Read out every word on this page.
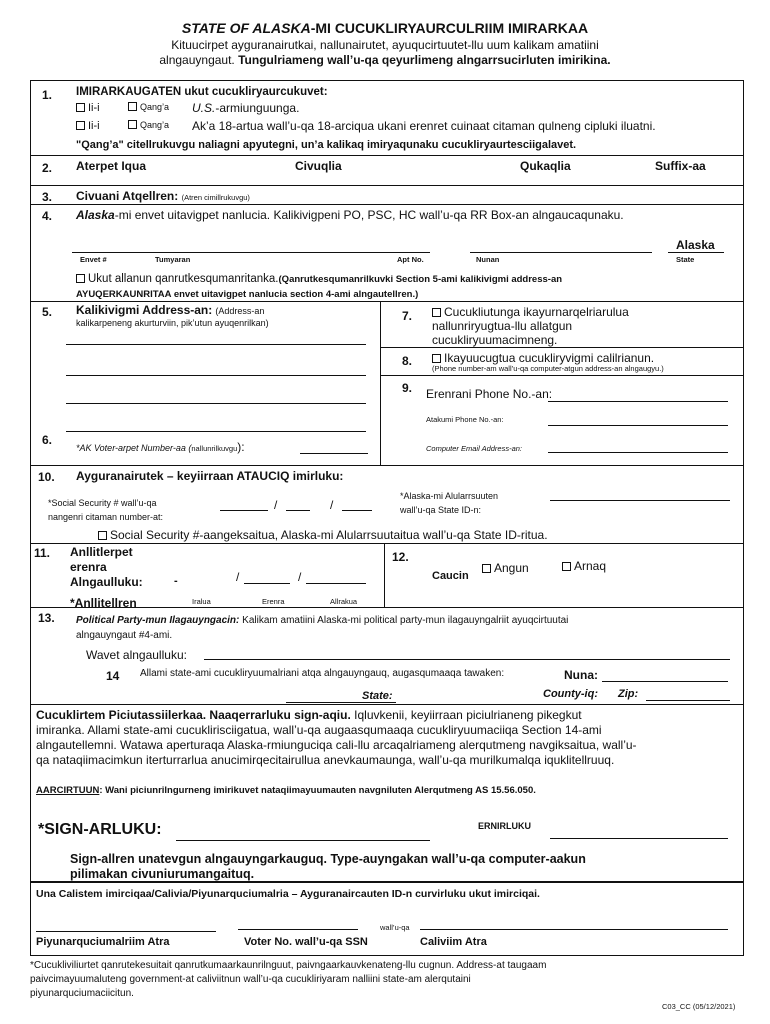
STATE OF ALASKA-MI CUCUKLIRYAURCULRIIM IMIRARKAA
Kituucirpet ayguranairutkai, nallunairutet, ayuqucirtuutet-llu uum kalikam amatiini
alngauyngaut. Tungulriameng wall’u-qa qeyurlimeng alngarrsucirluten imirikina.
1. IMIRARKAUGATEN ukut cucukliryaurcukuvet:
Ii-i	Qang’a U.S.-armiunguunga.
Ii-i	Qang’a Ak’a 18-artua wall’u-qa 18-arciqua ukani erenret cuinaat citaman qulneng cipluki iluatni.
"Qang’a" citellrukuvgu naliagni apyutegni, un’a kalikaq imiryaqunaku cucukliryaurtesciigalavet.
2. Aterpet Iqua	Civuqlia	Qukaqlia	Suffix-aa
3. Civuani Atqellren: (Atren cimillrukuvgu)
4. Alaska-mi envet uitavigpet nanlucia. Kalikivigpeni PO, PSC, HC wall’u-qa RR Box-an alngaucaqunaku.
Alaska
Envet #	Tumyaran	Apt No.	Nunan	State
Ukut allanun qanrutkesqumanritanka.(Qanrutkesqumanrilkuvki Section 5-ami kalikivigmi address-an
AYUQERKAUNRITAA envet uitavigpet nanlucia section 4-ami alngautellren.)
5. Kalikivigmi Address-an: (Address-an
kalikarpeneng akurturviin, pik’utun ayuqenrilkan)	7.	Cucukliutunga ikayurnarqelriarulua
nallunriryugtua-llu allatgun
cucukliryuumacimneng.
8.	Ikayuucugtua cucukliryvigmi calilrianun.
(Phone number-am wall’u-qa computer-atgun address-an alngaugyu.)
6.
*AK Voter-arpet Number-aa (nallunrilkuvgu):
9. Erenrani Phone No.-an:
Atakumi Phone No.-an:
Computer Email Address-an:
10. Ayguranairutek – keyiirraan ATAUCIQ imirluku:
*Social Security # wall’u-qa
nangenri citaman number-at:
/	/
*Alaska-mi Alularrsuuten
wall’u-qa State ID-n:
Social Security #-aangeksaitua, Alaska-mi Alularrsuutaitua wall’u-qa State ID-ritua.
11. Anllitlerpet
erenra
Alngaulluku:	-	/	/
*Anllitellren	Iralua	Erenra	Allrakua
12.
Caucin
Angun	Arnaq
13. Political Party-mun Ilagauyngacin: Kalikam amatiini Alaska-mi political party-mun ilagauyngalriit ayuqcirtuutai
alngauyngaut #4-ami.
Wavet alngaulluku:
14 Allami state-ami cucukliryuumalriani atqa alngauyngauq, augasqumaaqa tawaken:	Nuna:
State:	County-iq: Zip:
Cucuklirtem Piciutassiilerkaa. Naaqerrarluku sign-aqiu. Iqluvkenii, keyiirraan piciulrianeng pikegkut
imiranka. Allami state-ami cucuklirisciigatua, wall’u-qa augaasqumaaqa cucukliryuumaciiqa Section 14-ami
alngautellemni. Watawa aperturaqa Alaska-rmiunguciqa cali-llu arcaqalriameng alerqutmeng navgiksaitua, wall’u-
qa nataqiimacimkun iterturrarlua anucimirqecitairullua anevkaumaunga, wall’u-qa murilkumalqa iquklitellruuq.
AARCIRTUUN: Wani piciunrilngurneng imirikuvet nataqiimayuumauten navgniluten Alerqutmeng AS 15.56.050.
*SIGN-ARLUKU:	ERNIRLUKU
Sign-allren unatevgun alngauyngarkauguq. Type-auyngakan wall’u-qa computer-aakun
pilimakan civuniurumangaituq.
Una Calistem imirciqaa/Calivia/Piyunarquciumalria – Ayguranaircauten ID-n curvirluku ukut imirciqai.
wall’u-qa
Piyunarquciumalriim Atra	Voter No. wall’u-qa SSN	Caliviim Atra
*Cucukliviliurtet qanrutekesuitait qanrutkumaarkaunrilnguut, paivngaarkauvkenateng-llu cugnun. Address-at taugaam
paivcimayuumaluteng government-at caliviitnun wall’u-qa cucukliriyaram nalliini state-am alerqutaini
piyunarquciumaciicitun.
C03_CC (05/12/2021)
